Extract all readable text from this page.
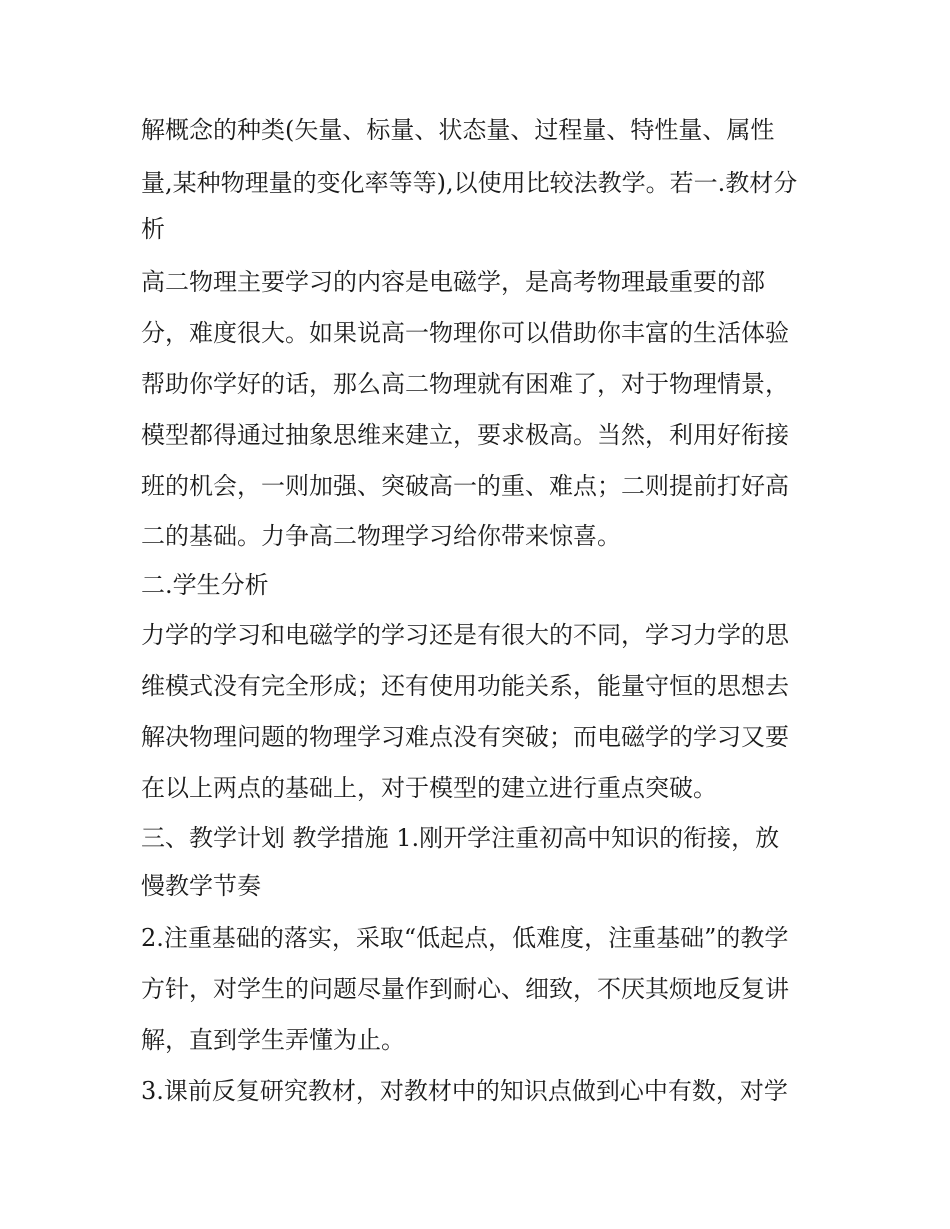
解概念的种类(矢量、标量、状态量、过程量、特性量、属性
量,某种物理量的变化率等等),以使用比较法教学。若一.教材分
析
高二物理主要学习的内容是电磁学，是高考物理最重要的部
分，难度很大。如果说高一物理你可以借助你丰富的生活体验
帮助你学好的话，那么高二物理就有困难了，对于物理情景，
模型都得通过抽象思维来建立，要求极高。当然，利用好衔接
班的机会，一则加强、突破高一的重、难点；二则提前打好高
二的基础。力争高二物理学习给你带来惊喜。
二.学生分析
力学的学习和电磁学的学习还是有很大的不同，学习力学的思
维模式没有完全形成；还有使用功能关系，能量守恒的思想去
解决物理问题的物理学习难点没有突破；而电磁学的学习又要
在以上两点的基础上，对于模型的建立进行重点突破。
三、教学计划 教学措施 1.刚开学注重初高中知识的衔接，放
慢教学节奏
2.注重基础的落实，采取“低起点，低难度，注重基础”的教学
方针，对学生的问题尽量作到耐心、细致，不厌其烦地反复讲
解，直到学生弄懂为止。
3.课前反复研究教材，对教材中的知识点做到心中有数，对学
